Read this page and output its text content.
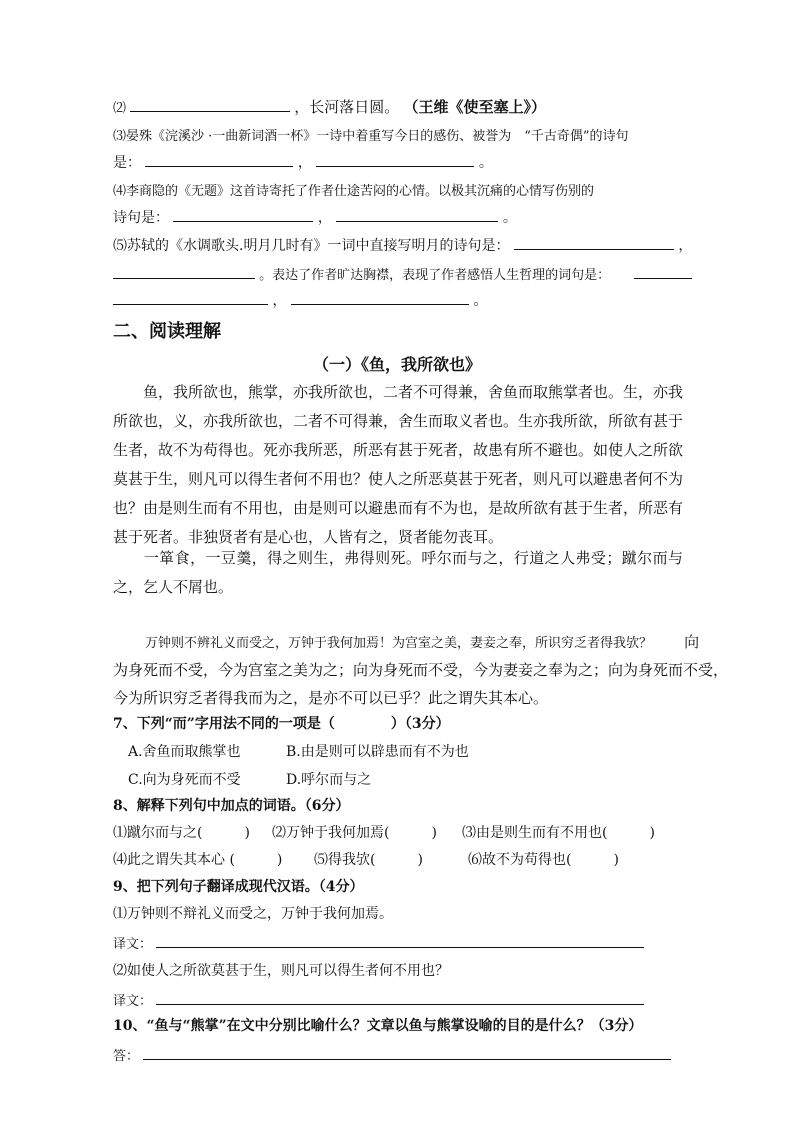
⑵	，长河落日圆。 （王维《使至塞上》）
⑶晏殊《浣溪沙 ·一曲新词酒一杯》一诗中着重写今日的感伤、被誉为　“千古奇偶”的诗句
是：	，	。
⑷李商隐的《无题》这首诗寄托了作者仕途苦闷的心情。以极其沉痛的心情写伤别的
诗句是：	，	。
⑸苏轼的《水调歌头.明月几时有》一词中直接写明月的诗句是：	，
。表达了作者旷达胸襟，表现了作者感悟人生哲理的词句是：
，	。
二、阅读理解
（一）《鱼，我所欲也》
　　鱼，我所欲也，熊掌，亦我所欲也，二者不可得兼，舍鱼而取熊掌者也。生，亦我所欲也，义，亦我所欲也，二者不可得兼，舍生而取义者也。生亦我所欲，所欲有甚于生者，故不为苟得也。死亦我所恶，所恶有甚于死者，故患有所不避也。如使人之所欲莫甚于生，则凡可以得生者何不用也？使人之所恶莫甚于死者，则凡可以避患者何不为也？由是则生而有不用也，由是则可以避患而有不为也，是故所欲有甚于生者，所恶有甚于死者。非独贤者有是心也，人皆有之，贤者能勿丧耳。
　　一箪食，一豆羹，得之则生，弗得则死。呼尔而与之，行道之人弗受；蹴尔而与之，乞人不屑也。
万钟则不辨礼义而受之，万钟于我何加焉！为宫室之美，妻妾之奉，所识穷乏者得我欤？ 向
为身死而不受，今为宫室之美为之；向为身死而不受，今为妻妾之奉为之；向为身死而不受，
今为所识穷乏者得我而为之，是亦不可以已乎？此之谓失其本心。
7、下列“而”字用法不同的一项是（　　　　）（3分）
A.舍鱼而取熊掌也	B.由是则可以辟患而有不为也
C.向为身死而不受	D.呼尔而与之
8、解释下列句中加点的词语。（6分）
⑴蹴尔而与之(　　　) ⑵万钟于我何加焉(　　　) ⑶由是则生而有不用也(　　　)
⑷此之谓失其本心 (　　　) ⑸得我欤(　　　)	⑹故不为苟得也(　　　)
9、把下列句子翻译成现代汉语。（4分）
⑴万钟则不辩礼义而受之，万钟于我何加焉。
译文：
⑵如使人之所欲莫甚于生，则凡可以得生者何不用也？
译文：
10、“鱼与“熊掌”在文中分别比喻什么？文章以鱼与熊掌设喻的目的是什么？（3分）
答：
